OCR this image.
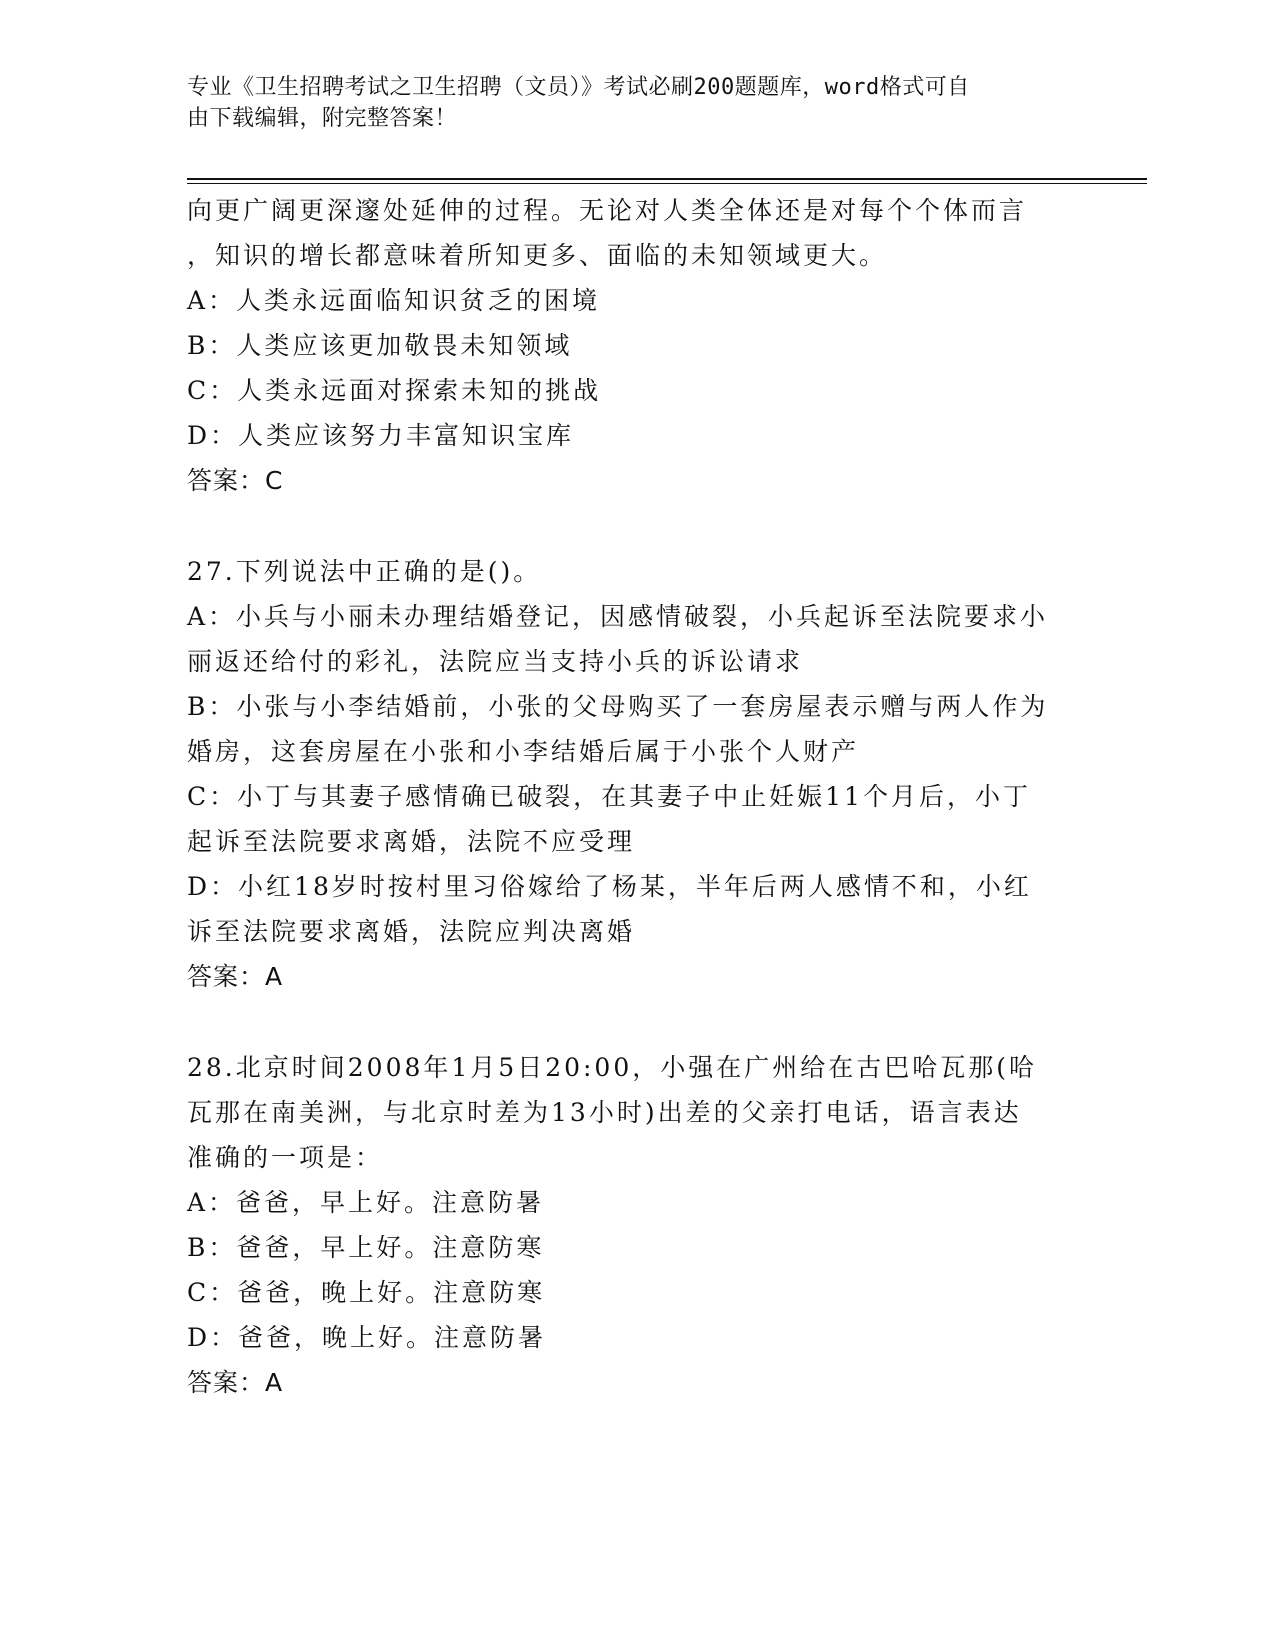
专业《卫生招聘考试之卫生招聘（文员）》考试必刷200题题库，word格式可自
由下载编辑，附完整答案！
向更广阔更深邃处延伸的过程。无论对人类全体还是对每个个体而言
，知识的增长都意味着所知更多、面临的未知领域更大。
A：人类永远面临知识贫乏的困境
B：人类应该更加敬畏未知领域
C：人类永远面对探索未知的挑战
D：人类应该努力丰富知识宝库
答案：C
27.下列说法中正确的是()。
A：小兵与小丽未办理结婚登记，因感情破裂，小兵起诉至法院要求小
丽返还给付的彩礼，法院应当支持小兵的诉讼请求
B：小张与小李结婚前，小张的父母购买了一套房屋表示赠与两人作为
婚房，这套房屋在小张和小李结婚后属于小张个人财产
C：小丁与其妻子感情确已破裂，在其妻子中止妊娠11个月后，小丁
起诉至法院要求离婚，法院不应受理
D：小红18岁时按村里习俗嫁给了杨某，半年后两人感情不和，小红
诉至法院要求离婚，法院应判决离婚
答案：A
28.北京时间2008年1月5日20:00，小强在广州给在古巴哈瓦那(哈
瓦那在南美洲，与北京时差为13小时)出差的父亲打电话，语言表达
准确的一项是：
A：爸爸，早上好。注意防暑
B：爸爸，早上好。注意防寒
C：爸爸，晚上好。注意防寒
D：爸爸，晚上好。注意防暑
答案：A
